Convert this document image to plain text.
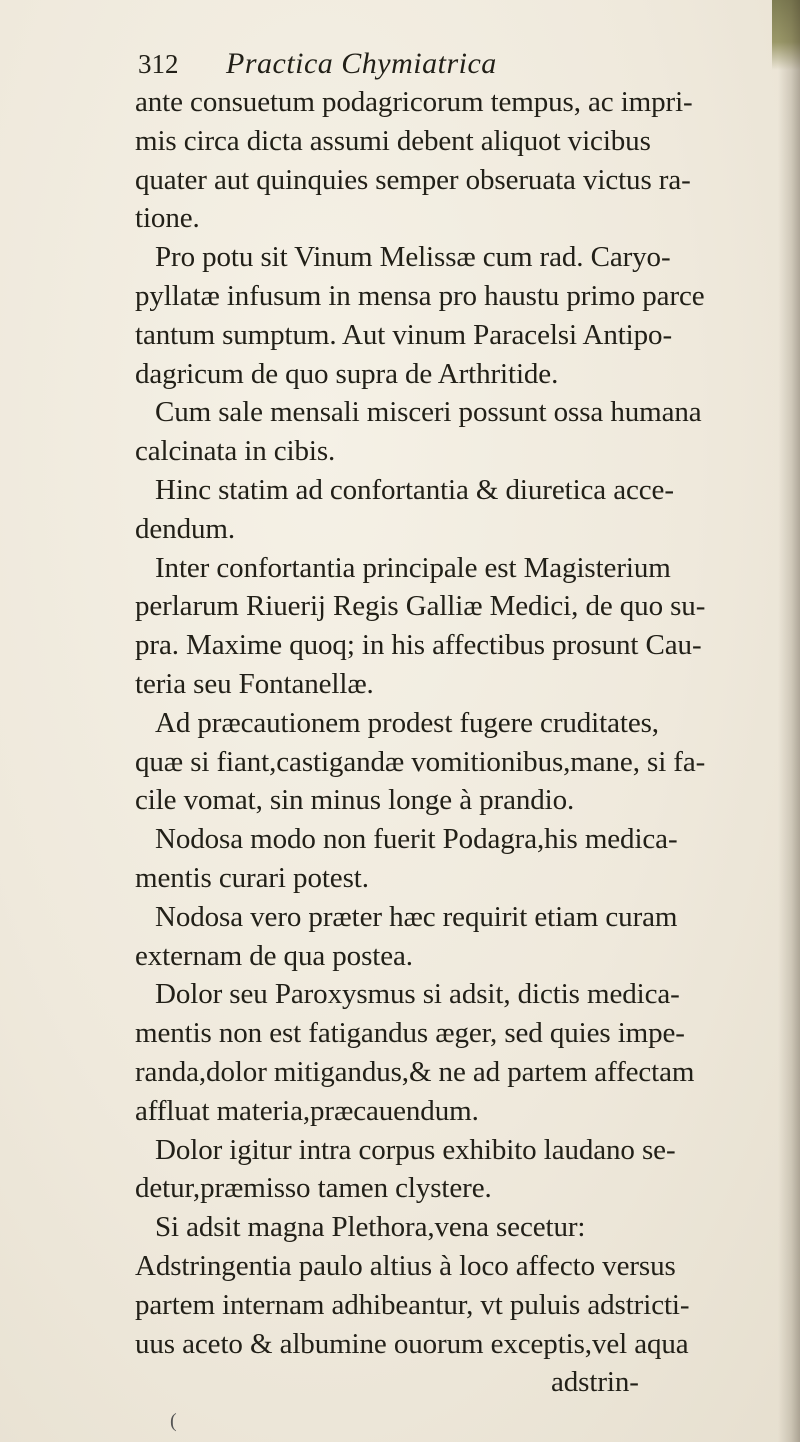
312 Practica Chymiatrica
ante consuetum podagricorum tempus, ac impri-
mis circa dicta assumi debent aliquot vicibus
quater aut quinquies semper obseruata victus ra-
tione.
Pro potu sit Vinum Melissæ cum rad. Caryo-
pyllatæ infusum in mensa pro haustu primo parce
tantum sumptum. Aut vinum Paracelsi Antipo-
dagricum de quo supra de Arthritide.
Cum sale mensali misceri possunt ossa humana
calcinata in cibis.
Hinc statim ad confortantia & diuretica acce-
dendum.
Inter confortantia principale est Magisterium
perlarum Riuerij Regis Galliæ Medici, de quo su-
pra. Maxime quoq; in his affectibus prosunt Cau-
teria seu Fontanellæ.
Ad præcautionem prodest fugere cruditates,
quæ si fiant,castigandæ vomitionibus,mane, si fa-
cile vomat, sin minus longe à prandio.
Nodosa modo non fuerit Podagra,his medica-
mentis curari potest.
Nodosa vero præter hæc requirit etiam curam
externam de qua postea.
Dolor seu Paroxysmus si adsit, dictis medica-
mentis non est fatigandus æger, sed quies impe-
randa,dolor mitigandus,& ne ad partem affectam
affluat materia,præcauendum.
Dolor igitur intra corpus exhibito laudano se-
detur,præmisso tamen clystere.
Si adsit magna Plethora,vena secetur:
Adstringentia paulo altius à loco affecto versus
partem internam adhibeantur, vt puluis adstricti-
uus aceto & albumine ouorum exceptis,vel aqua
adstrin-
(
